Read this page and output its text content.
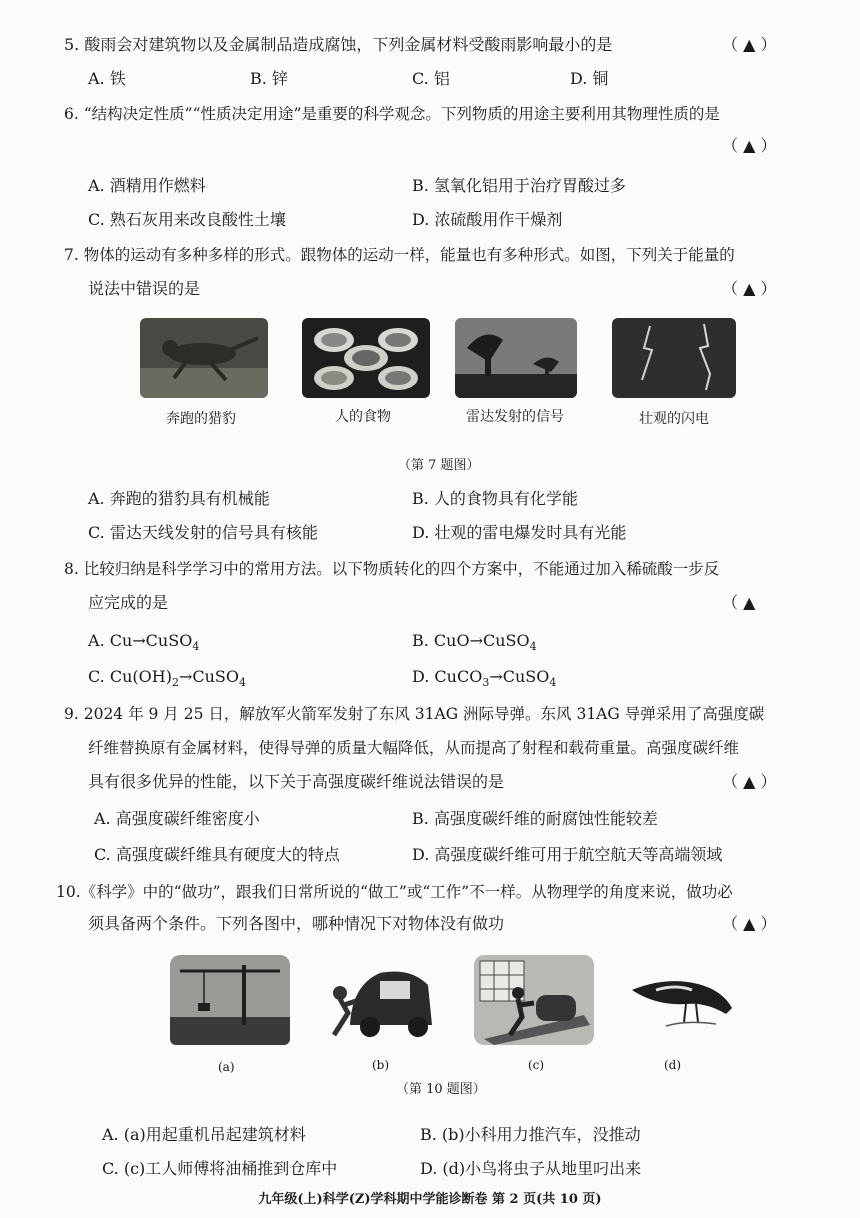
5. 酸雨会对建筑物以及金属制品造成腐蚀，下列金属材料受酸雨影响最小的是	（ ▲ ）
A. 铁	B. 锌	C. 铝	D. 铜
6. “结构决定性质”“性质决定用途”是重要的科学观念。下列物质的用途主要利用其物理性质的是
（ ▲ ）
A. 酒精用作燃料	B. 氢氧化铝用于治疗胃酸过多
C. 熟石灰用来改良酸性土壤	D. 浓硫酸用作干燥剂
7. 物体的运动有多种多样的形式。跟物体的运动一样，能量也有多种形式。如图，下列关于能量的
说法中错误的是	（ ▲ ）
奔跑的猎豹	人的食物	雷达发射的信号	壮观的闪电
（第 7 题图）
A. 奔跑的猎豹具有机械能	B. 人的食物具有化学能
C. 雷达天线发射的信号具有核能	D. 壮观的雷电爆发时具有光能
8. 比较归纳是科学学习中的常用方法。以下物质转化的四个方案中，不能通过加入稀硫酸一步反
应完成的是	（ ▲
A. Cu→CuSO$_4$	B. CuO→CuSO$_4$
C. $Cu(OH)_2\to CuSO_4$	D. CuCO$_3$→CuSO$_4$
9. 2024 年 9 月 25 日，解放军火箭军发射了东风 31AG 洲际导弹。东风 31AG 导弹采用了高强度碳
纤维替换原有金属材料，使得导弹的质量大幅降低，从而提高了射程和载荷重量。高强度碳纤维
具有很多优异的性能，以下关于高强度碳纤维说法错误的是	（ ▲ ）
A. 高强度碳纤维密度小	B. 高强度碳纤维的耐腐蚀性能较差
C. 高强度碳纤维具有硬度大的特点	D. 高强度碳纤维可用于航空航天等高端领域
10.《科学》中的“做功”，跟我们日常所说的“做工”或“工作”不一样。从物理学的角度来说，做功必
须具备两个条件。下列各图中，哪种情况下对物体没有做功	（ ▲ ）
(a)	(b)	(c)	(d)
（第 10 题图）
A. (a)用起重机吊起建筑材料	B. (b)小科用力推汽车，没推动
C. (c)工人师傅将油桶推到仓库中	D. (d)小鸟将虫子从地里叼出来
九年级(上)科学(Z)学科期中学能诊断卷 第 2 页(共 10 页)
